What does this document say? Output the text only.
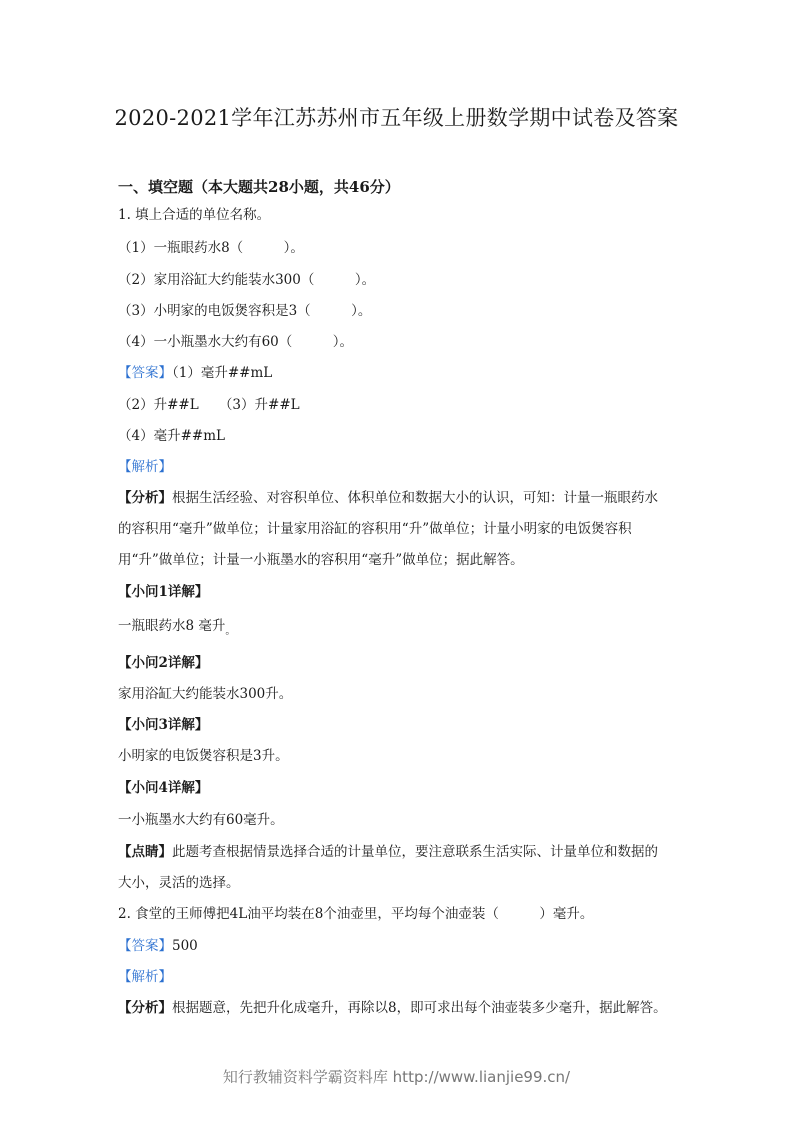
2020-2021学年江苏苏州市五年级上册数学期中试卷及答案
一、填空题（本大题共28小题，共46分）

1. 填上合适的单位名称。

（1）一瓶眼药水8（　　　）。

（2）家用浴缸大约能装水300（　　　）。

（3）小明家的电饭煲容积是3（　　　）。

（4）一小瓶墨水大约有60（　　　）。

【答案】（1）毫升##mL

（2）升##L　　（3）升##L

（4）毫升##mL

【解析】

【分析】根据生活经验、对容积单位、体积单位和数据大小的认识，可知：计量一瓶眼药水

的容积用“毫升”做单位；计量家用浴缸的容积用“升”做单位；计量小明家的电饭煲容积

用“升”做单位；计量一小瓶墨水的容积用“毫升”做单位；据此解答。

【小问1详解】

一瓶眼药水8 毫升$_。$

【小问2详解】

家用浴缸大约能装水300升。

【小问3详解】

小明家的电饭煲容积是3升。

【小问4详解】

一小瓶墨水大约有60毫升。

【点睛】此题考查根据情景选择合适的计量单位，要注意联系生活实际、计量单位和数据的

大小，灵活的选择。

2. 食堂的王师傅把4L油平均装在8个油壶里，平均每个油壶装（　　　）毫升。

【答案】500

【解析】

【分析】根据题意，先把升化成毫升，再除以8，即可求出每个油壶装多少毫升，据此解答。

知行教辅资料学霸资料库 http://www.lianjie99.cn/
